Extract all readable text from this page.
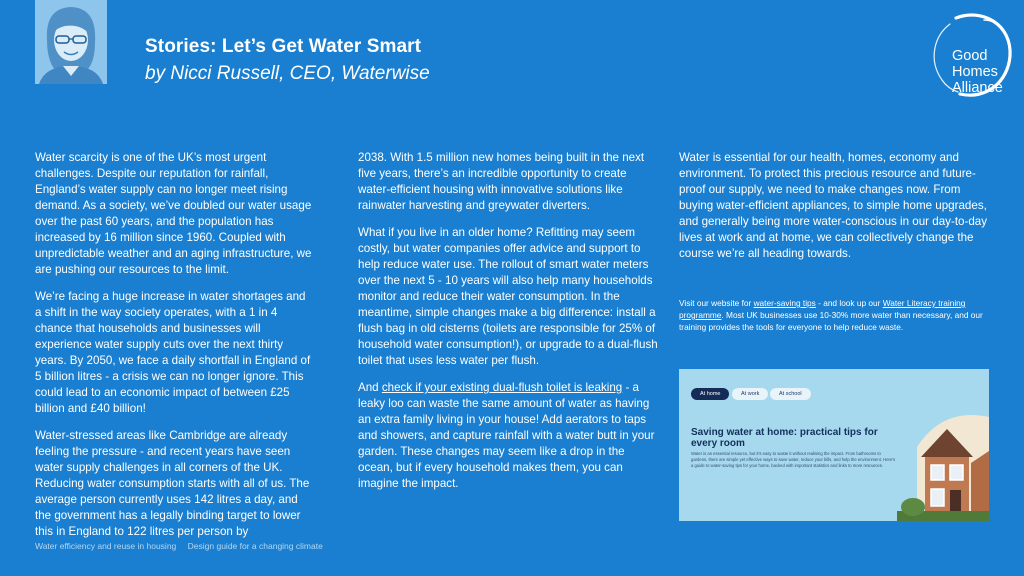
Stories: Let’s Get Water Smart
by Nicci Russell, CEO, Waterwise
Good
Homes
Alliance

Water scarcity is one of the UK’s most urgent challenges. Despite our reputation for rainfall, England’s water supply can no longer meet rising demand. As a society, we’ve doubled our water usage over the past 60 years, and the population has increased by 16 million since 1960. Coupled with unpredictable weather and an aging infrastructure, we are pushing our resources to the limit.

We’re facing a huge increase in water shortages and a shift in the way society operates, with a 1 in 4 chance that households and businesses will experience water supply cuts over the next thirty years. By 2050, we face a daily shortfall in England of 5 billion litres - a crisis we can no longer ignore. This could lead to an economic impact of between £25 billion and £40 billion!

Water-stressed areas like Cambridge are already feeling the pressure - and recent years have seen water supply challenges in all corners of the UK. Reducing water consumption starts with all of us. The average person currently uses 142 litres a day, and the government has a legally binding target to lower this in England to 122 litres per person by

2038. With 1.5 million new homes being built in the next five years, there’s an incredible opportunity to create water-efficient housing with innovative solutions like rainwater harvesting and greywater diverters.

What if you live in an older home? Refitting may seem costly, but water companies offer advice and support to help reduce water use. The rollout of smart water meters over the next 5 - 10 years will also help many households monitor and reduce their water consumption. In the meantime, simple changes make a big difference: install a flush bag in old cisterns (toilets are responsible for 25% of household water consumption!), or upgrade to a dual-flush toilet that uses less water per flush.

And check if your existing dual-flush toilet is leaking - a leaky loo can waste the same amount of water as having an extra family living in your house! Add aerators to taps and showers, and capture rainfall with a water butt in your garden. These changes may seem like a drop in the ocean, but if every household makes them, you can imagine the impact.

Water is essential for our health, homes, economy and environment. To protect this precious resource and future-proof our supply, we need to make changes now. From buying water-efficient appliances, to simple home upgrades, and generally being more water-conscious in our day-to-day lives at work and at home, we can collectively change the course we’re all heading towards.

Visit our website for water-saving tips - and look up our Water Literacy training programme. Most UK businesses use 10-30% more water than necessary, and our training provides the tools for everyone to help reduce waste.
At home	At work	At school
Saving water at home: practical tips for every room
Water is an essential resource, but it's easy to waste it without realising the impact. From bathrooms to gardens, there are simple yet effective ways to save water, reduce your bills, and help the environment. Here's a guide to water-saving tips for your home, backed with important statistics and links to more resources.
Water efficiency and reuse in housing Design guide for a changing climate
